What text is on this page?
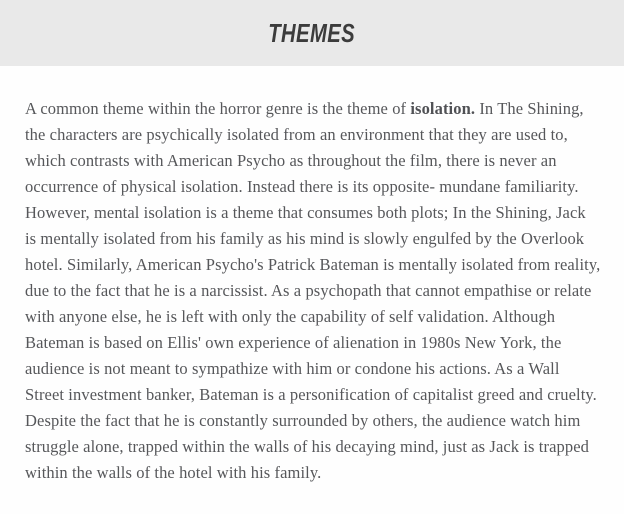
THEMES

A common theme within the horror genre is the theme of isolation. In The Shining, the characters are psychically isolated from an environment that they are used to, which contrasts with American Psycho as throughout the film, there is never an occurrence of physical isolation. Instead there is its opposite- mundane familiarity. However, mental isolation is a theme that consumes both plots; In the Shining, Jack is mentally isolated from his family as his mind is slowly engulfed by the Overlook hotel. Similarly, American Psycho's Patrick Bateman is mentally isolated from reality, due to the fact that he is a narcissist. As a psychopath that cannot empathise or relate with anyone else, he is left with only the capability of self validation. Although Bateman is based on Ellis' own experience of alienation in 1980s New York, the audience is not meant to sympathize with him or condone his actions. As a Wall Street investment banker, Bateman is a personification of capitalist greed and cruelty. Despite the fact that he is constantly surrounded by others, the audience watch him struggle alone, trapped within the walls of his decaying mind, just as Jack is trapped within the walls of the hotel with his family.
